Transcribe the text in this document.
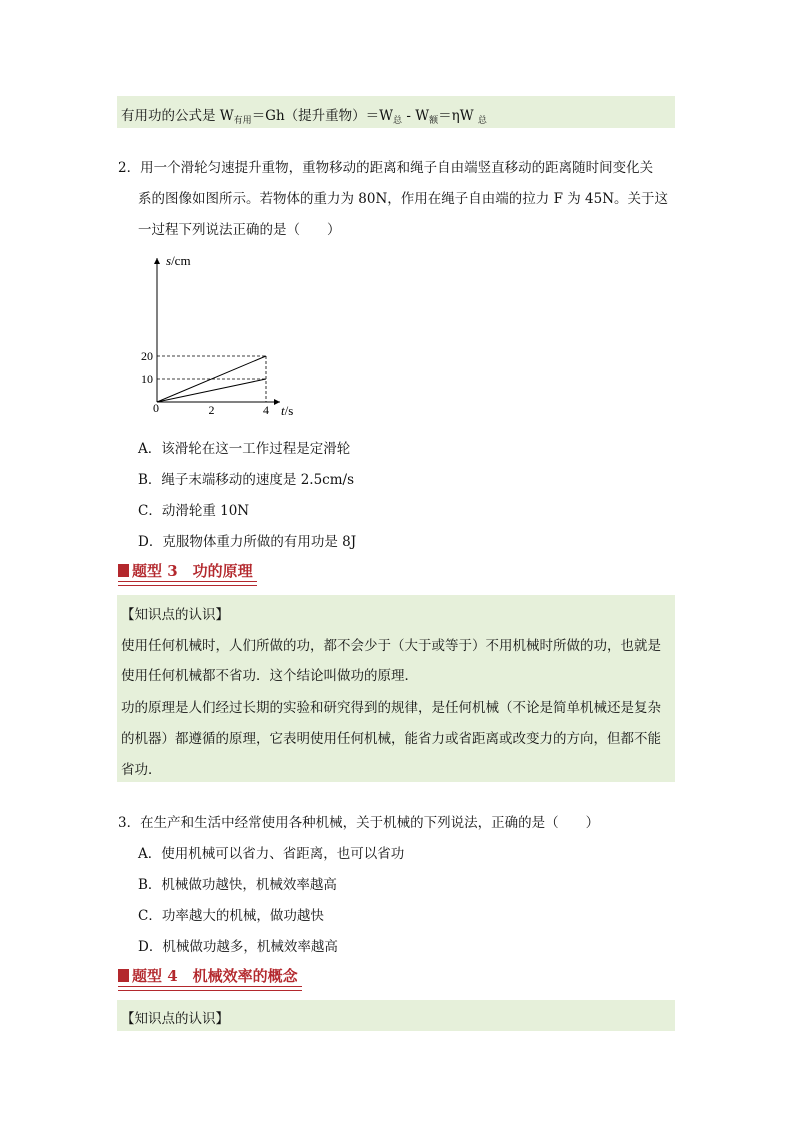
有用功的公式是 $W_{有用}=Gh$（提升重物）$=W_总 - W_额=\eta W$ $_总$
2．用一个滑轮匀速提升重物，重物移动的距离和绳子自由端竖直移动的距离随时间变化关
系的图像如图所示。若物体的重力为 80N，作用在绳子自由端的拉力 F 为 45N。关于这
一过程下列说法正确的是（　　）
2	4
10
20
s/cm
t/s
0
A．该滑轮在这一工作过程是定滑轮
B．绳子末端移动的速度是 2.5cm/s
C．动滑轮重 10N
D．克服物体重力所做的有用功是 8J
题型 3　功的原理
【知识点的认识】
使用任何机械时，人们所做的功，都不会少于（大于或等于）不用机械时所做的功，也就是
使用任何机械都不省功．这个结论叫做功的原理．
功的原理是人们经过长期的实验和研究得到的规律，是任何机械（不论是简单机械还是复杂
的机器）都遵循的原理，它表明使用任何机械，能省力或省距离或改变力的方向，但都不能
省功．
3．在生产和生活中经常使用各种机械，关于机械的下列说法，正确的是（　　）
A．使用机械可以省力、省距离，也可以省功
B．机械做功越快，机械效率越高
C．功率越大的机械，做功越快
D．机械做功越多，机械效率越高
题型 4　机械效率的概念
【知识点的认识】
